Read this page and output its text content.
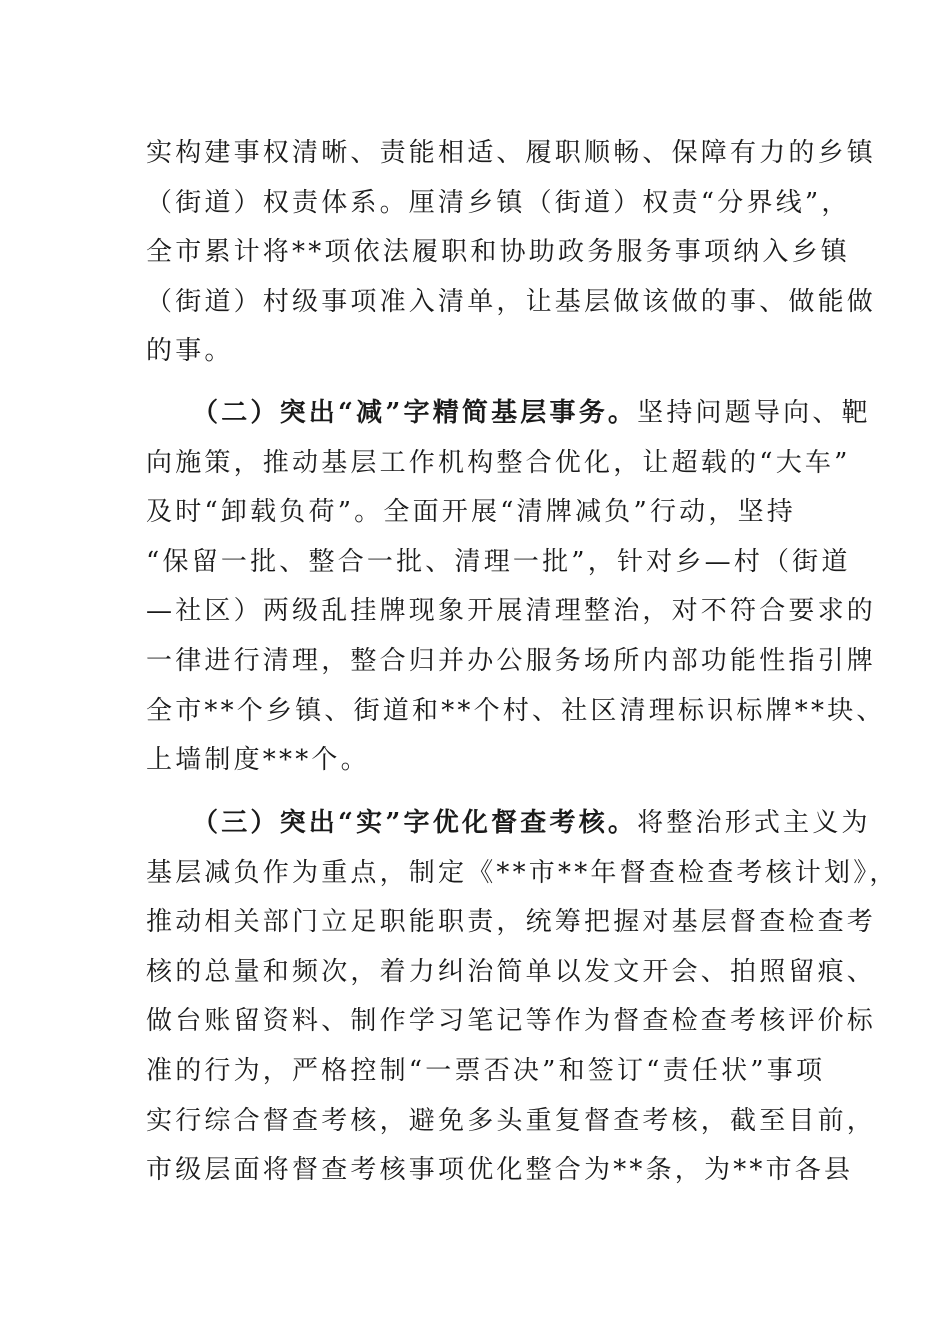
实构建事权清晰、责能相适、履职顺畅、保障有力的乡镇
（街道）权责体系。厘清乡镇（街道）权责“分界线”，
全市累计将**项依法履职和协助政务服务事项纳入乡镇
（街道）村级事项准入清单，让基层做该做的事、做能做
的事。
（二）突出“减”字精简基层事务。坚持问题导向、靶
向施策，推动基层工作机构整合优化，让超载的“大车”
及时“卸载负荷”。全面开展“清牌减负”行动，坚持
“保留一批、整合一批、清理一批”，针对乡—村（街道
—社区）两级乱挂牌现象开展清理整治，对不符合要求的
一律进行清理，整合归并办公服务场所内部功能性指引牌
全市**个乡镇、街道和**个村、社区清理标识标牌**块、
上墙制度***个。
（三）突出“实”字优化督查考核。将整治形式主义为
基层减负作为重点，制定《**市**年督查检查考核计划》，
推动相关部门立足职能职责，统筹把握对基层督查检查考
核的总量和频次，着力纠治简单以发文开会、拍照留痕、
做台账留资料、制作学习笔记等作为督查检查考核评价标
准的行为，严格控制“一票否决”和签订“责任状”事项
实行综合督查考核，避免多头重复督查考核，截至目前，
市级层面将督查考核事项优化整合为**条，为**市各县
